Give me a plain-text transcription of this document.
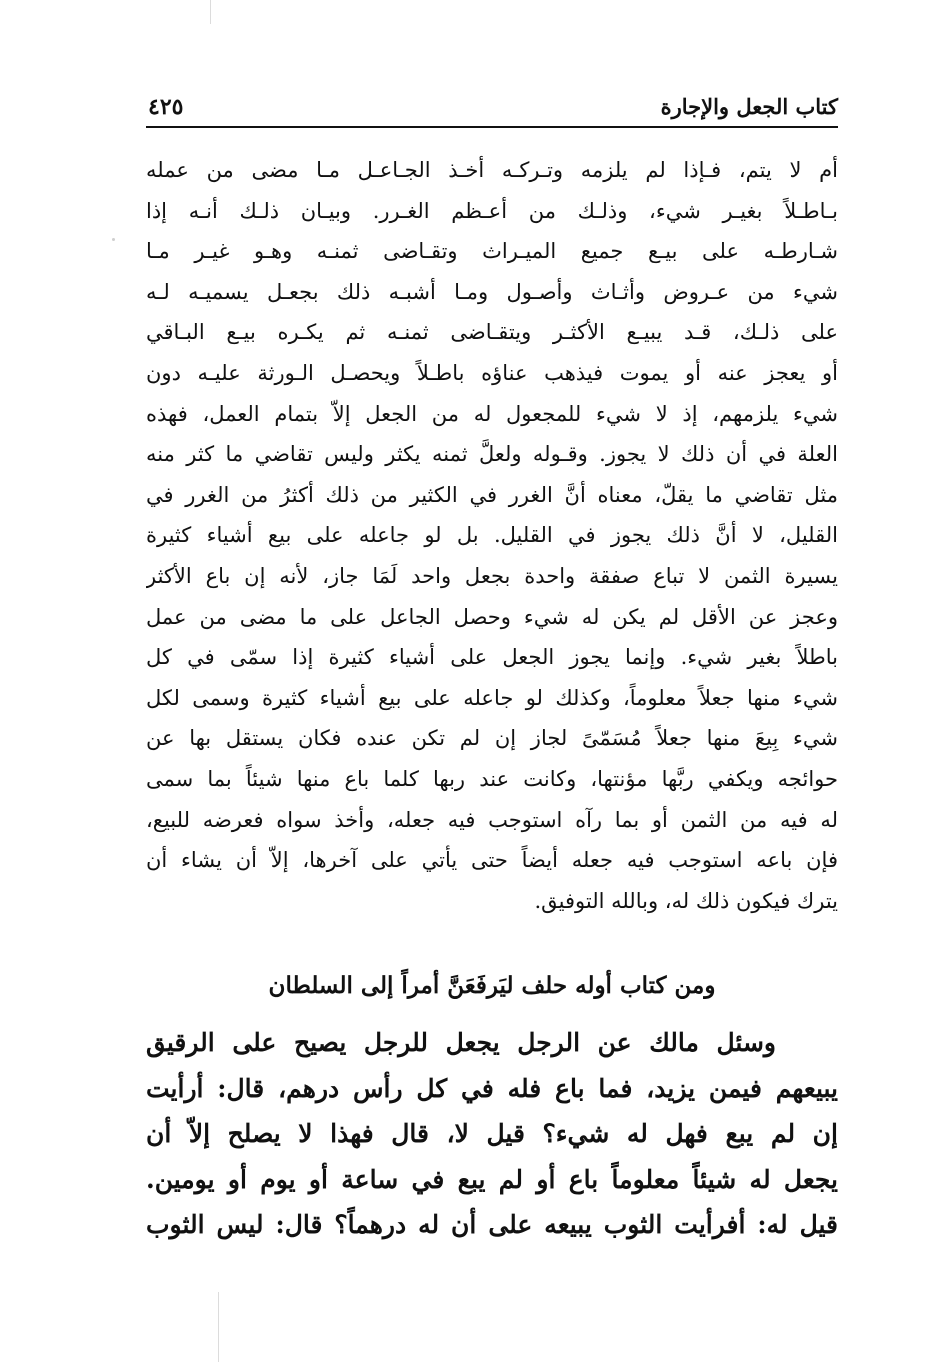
كتاب الجعل والإجارة
٤٢٥
أم لا يتم، فـإذا لم يلزمه وتـركـه أخـذ الجـاعـل مـا مضى من عمله
بـاطـلاً بغيـر شيء، وذلـك من أعـظم الغـرر. وبيـان ذلـك أنـه إذا
شـارطـه على بيـع جميع الميـراث وتقـاضى ثمنـه وهـو غيـر مـا
شيء من عـروض وأثـاث وأصـول ومـا أشبـه ذلك بجعـل يسميـه لـه
على ذلـك، قـد يبيـع الأكثـر ويتقـاضى ثمنـه ثم يكـره بيـع البـاقي
أو يعجز عنه أو يموت فيذهب عناؤه باطـلاً ويحصـل الـورثة عليـه دون
شيء يلزمهم، إذ لا شيء للمجعول له من الجعل إلاّ بتمام العمل، فهذه
العلة في أن ذلك لا يجوز. وقـوله ولعلَّ ثمنه يكثر وليس تقاضي ما كثر منه
مثل تقاضي ما يقلّ، معناه أنَّ الغرر في الكثير من ذلك أكثرُ من الغرر في
القليل، لا أنَّ ذلك يجوز في القليل. بل لو جاعله على بيع أشياء كثيرة
يسيرة الثمن لا تباع صفقة واحدة بجعل واحد لَمَا جاز، لأنه إن باع الأكثر
وعجز عن الأقل لم يكن له شيء وحصل الجاعل على ما مضى من عمل
باطلاً بغير شيء. وإنما يجوز الجعل على أشياء كثيرة إذا سمّى في كل
شيء منها جعلاً معلوماً، وكذلك لو جاعله على بيع أشياء كثيرة وسمى لكل
شيء بِيعَ منها جعلاً مُسَمّىً لجاز إن لم تكن عنده فكان يستقل بها عن
حوائجه ويكفي ربَّها مؤنتها، وكانت عند ربها كلما باع منها شيئاً بما سمى
له فيه من الثمن أو بما رآه استوجب فيه جعله، وأخذ سواه فعرضه للبيع،
فإن باعه استوجب فيه جعله أيضاً حتى يأتي على آخرها، إلاّ أن يشاء أن
يترك فيكون ذلك له، وبالله التوفيق.
ومن كتاب أوله حلف ليَرفَعَنَّ أمراً إلى السلطان
وسئل مالك عن الرجل يجعل للرجل يصيح على الرقيق
يبيعهم فيمن يزيد، فما باع فله في كل رأس درهم، قال: أرأيت
إن لم يبع فهل له شيء؟ قيل لا، قال فهذا لا يصلح إلاّ أن
يجعل له شيئاً معلوماً باع أو لم يبع في ساعة أو يوم أو يومين.
قيل له: أفرأيت الثوب يبيعه على أن له درهماً؟ قال: ليس الثوب
